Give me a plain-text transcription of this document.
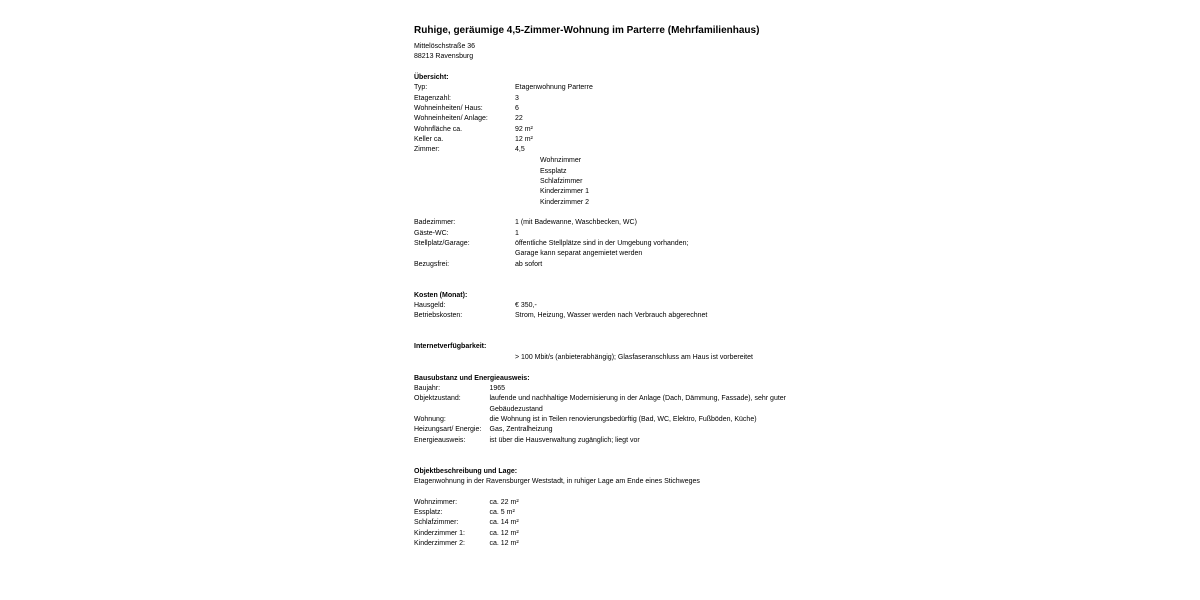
Ruhige, geräumige 4,5-Zimmer-Wohnung im Parterre (Mehrfamilienhaus)
Mittelöschstraße 36
88213 Ravensburg
Übersicht:
Typ:	Etagenwohnung Parterre
Etagenzahl:	3
Wohneinheiten/ Haus:	6
Wohneinheiten/ Anlage:	22
Wohnfläche ca.	92 m²
Keller ca.	12 m²
Zimmer:	4,5
Wohnzimmer
Essplatz
Schlafzimmer
Kinderzimmer 1
Kinderzimmer 2
Badezimmer:	1 (mit Badewanne, Waschbecken, WC)
Gäste-WC:	1
Stellplatz/Garage:	öffentliche Stellplätze sind in der Umgebung vorhanden;
Garage kann separat angemietet werden
Bezugsfrei:	ab sofort
Kosten (Monat):
Hausgeld:	€ 350,-
Betriebskosten:	Strom, Heizung, Wasser werden nach Verbrauch abgerechnet
Internetverfügbarkeit:
> 100 Mbit/s (anbieterabhängig); Glasfaseranschluss am Haus ist vorbereitet
Bausubstanz und Energieausweis:
Baujahr:	1965
Objektzustand:	laufende und nachhaltige Modernisierung in der Anlage (Dach, Dämmung, Fassade), sehr guter Gebäudezustand
Wohnung:	die Wohnung ist in Teilen renovierungsbedürftig (Bad, WC, Elektro, Fußböden, Küche)
Heizungsart/ Energie:	Gas, Zentralheizung
Energieausweis:	ist über die Hausverwaltung zugänglich; liegt vor
Objektbeschreibung und Lage:
Etagenwohnung in der Ravensburger Weststadt, in ruhiger Lage am Ende eines Stichweges
Wohnzimmer:	ca. 22 m²
Essplatz:	ca. 5 m²
Schlafzimmer:	ca. 14 m²
Kinderzimmer 1:	ca. 12 m²
Kinderzimmer 2:	ca. 12 m²
